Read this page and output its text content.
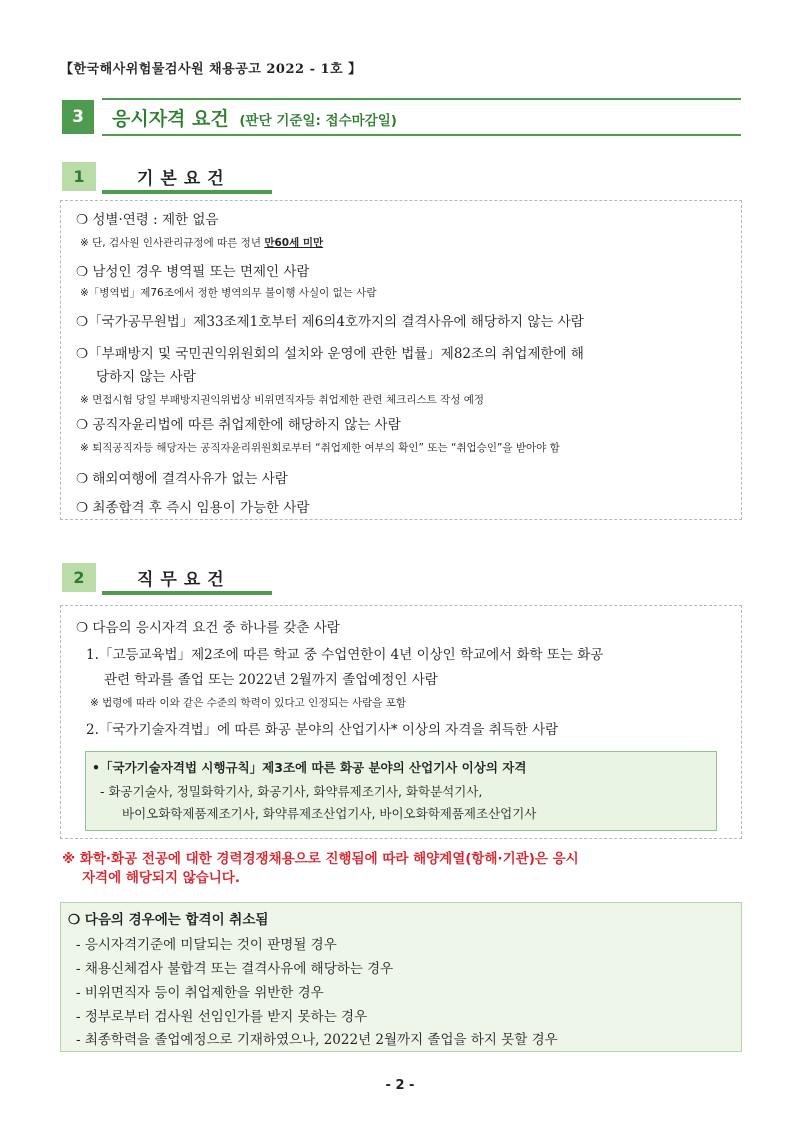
【한국해사위험물검사원 채용공고 2022 - 1호 】
3	응시자격 요건 (판단 기준일: 접수마감일)
1	기본요건
❍ 성별·연령 : 제한 없음
※ 단, 검사원 인사관리규정에 따른 정년 만60세 미만
❍ 남성인 경우 병역필 또는 면제인 사람
※「병역법」제76조에서 정한 병역의무 불이행 사실이 없는 사람
❍「국가공무원법」제33조제1호부터 제6의4호까지의 결격사유에 해당하지 않는 사람
❍「부패방지 및 국민권익위원회의 설치와 운영에 관한 법률」제82조의 취업제한에 해
당하지 않는 사람
※ 면접시험 당일 부패방지권익위법상 비위면직자등 취업제한 관련 체크리스트 작성 예정
❍ 공직자윤리법에 따른 취업제한에 해당하지 않는 사람
※ 퇴직공직자등 해당자는 공직자윤리위원회로부터 “취업제한 여부의 확인” 또는 “취업승인”을 받아야 함
❍ 해외여행에 결격사유가 없는 사람
❍ 최종합격 후 즉시 임용이 가능한 사람
2	직무요건
❍ 다음의 응시자격 요건 중 하나를 갖춘 사람
1.「고등교육법」제2조에 따른 학교 중 수업연한이 4년 이상인 학교에서 화학 또는 화공
관련 학과를 졸업 또는 2022년 2월까지 졸업예정인 사람
※ 법령에 따라 이와 같은 수준의 학력이 있다고 인정되는 사람을 포함
2.「국가기술자격법」에 따른 화공 분야의 산업기사* 이상의 자격을 취득한 사람
•「국가기술자격법 시행규칙」제3조에 따른 화공 분야의 산업기사 이상의 자격
- 화공기술사, 정밀화학기사, 화공기사, 화약류제조기사, 화학분석기사,
바이오화학제품제조기사, 화약류제조산업기사, 바이오화학제품제조산업기사
※ 화학·화공 전공에 대한 경력경쟁채용으로 진행됨에 따라 해양계열(항해·기관)은 응시
자격에 해당되지 않습니다.
❍ 다음의 경우에는 합격이 취소됨
- 응시자격기준에 미달되는 것이 판명될 경우
- 채용신체검사 불합격 또는 결격사유에 해당하는 경우
- 비위면직자 등이 취업제한을 위반한 경우
- 정부로부터 검사원 선임인가를 받지 못하는 경우
- 최종학력을 졸업예정으로 기재하였으나, 2022년 2월까지 졸업을 하지 못할 경우
- 2 -
